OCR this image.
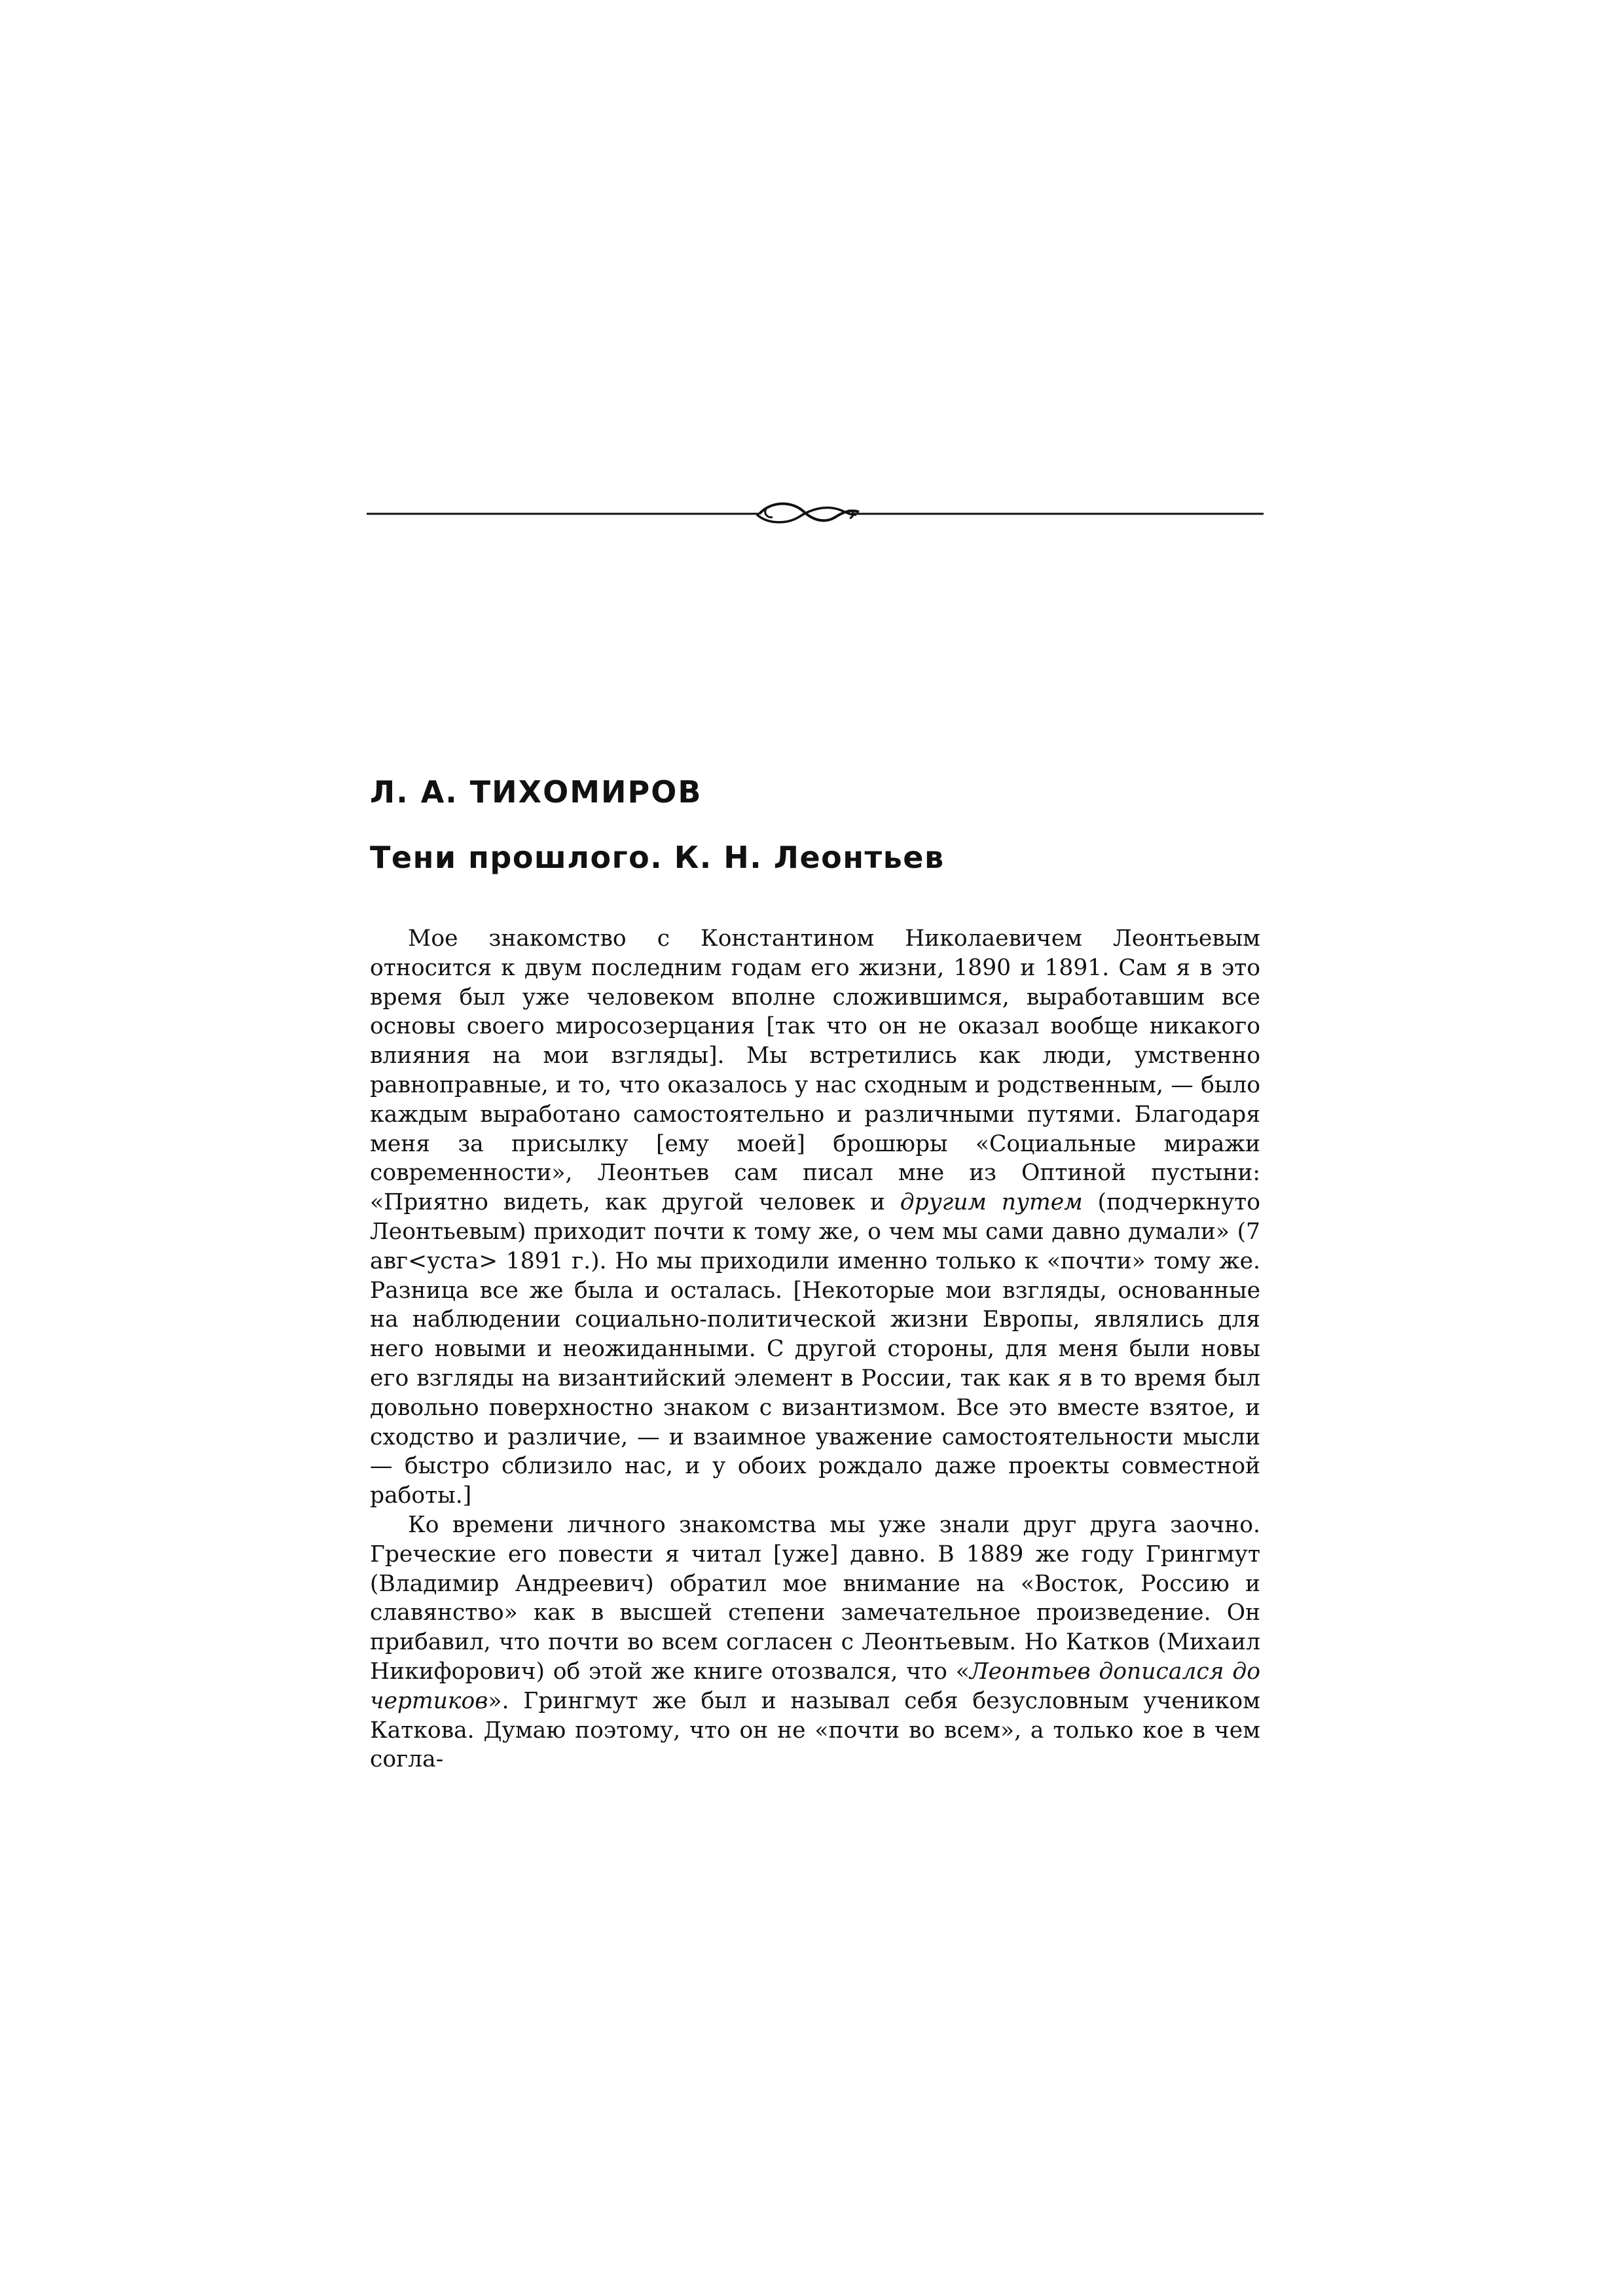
Л. А. ТИХОМИРОВ
Тени прошлого. К. Н. Леонтьев

Мое знакомство с Константином Николаевичем Леонтьевым относится к двум последним годам его жизни, 1890 и 1891. Сам я в это время был уже человеком вполне сложившимся, выработавшим все основы своего миросозерцания [так что он не оказал вообще никакого влияния на мои взгляды]. Мы встретились как люди, умственно равноправные, и то, что оказалось у нас сходным и родственным, — было каждым выработано самостоятельно и различными путями. Благодаря меня за присылку [ему моей] брошюры «Социальные миражи современности», Леонтьев сам писал мне из Оптиной пустыни: «Приятно видеть, как другой человек и другим путем (подчеркнуто Леонтьевым) приходит почти к тому же, о чем мы сами давно думали» (7 авг<уста> 1891 г.). Но мы приходили именно только к «почти» тому же. Разница все же была и осталась. [Некоторые мои взгляды, основанные на наблюдении социально-политической жизни Европы, являлись для него новыми и неожиданными. С другой стороны, для меня были новы его взгляды на византийский элемент в России, так как я в то время был довольно поверхностно знаком с византизмом. Все это вместе взятое, и сходство и различие, — и взаимное уважение самостоятельности мысли — быстро сблизило нас, и у обоих рождало даже проекты совместной работы.]

Ко времени личного знакомства мы уже знали друг друга заочно. Греческие его повести я читал [уже] давно. В 1889 же году Грингмут (Владимир Андреевич) обратил мое внимание на «Восток, Россию и славянство» как в высшей степени замечательное произведение. Он прибавил, что почти во всем согласен с Леонтьевым. Но Катков (Михаил Никифорович) об этой же книге отозвался, что «Леонтьев дописался до чертиков». Грингмут же был и называл себя безусловным учеником Каткова. Думаю поэтому, что он не «почти во всем», а только кое в чем согла-
